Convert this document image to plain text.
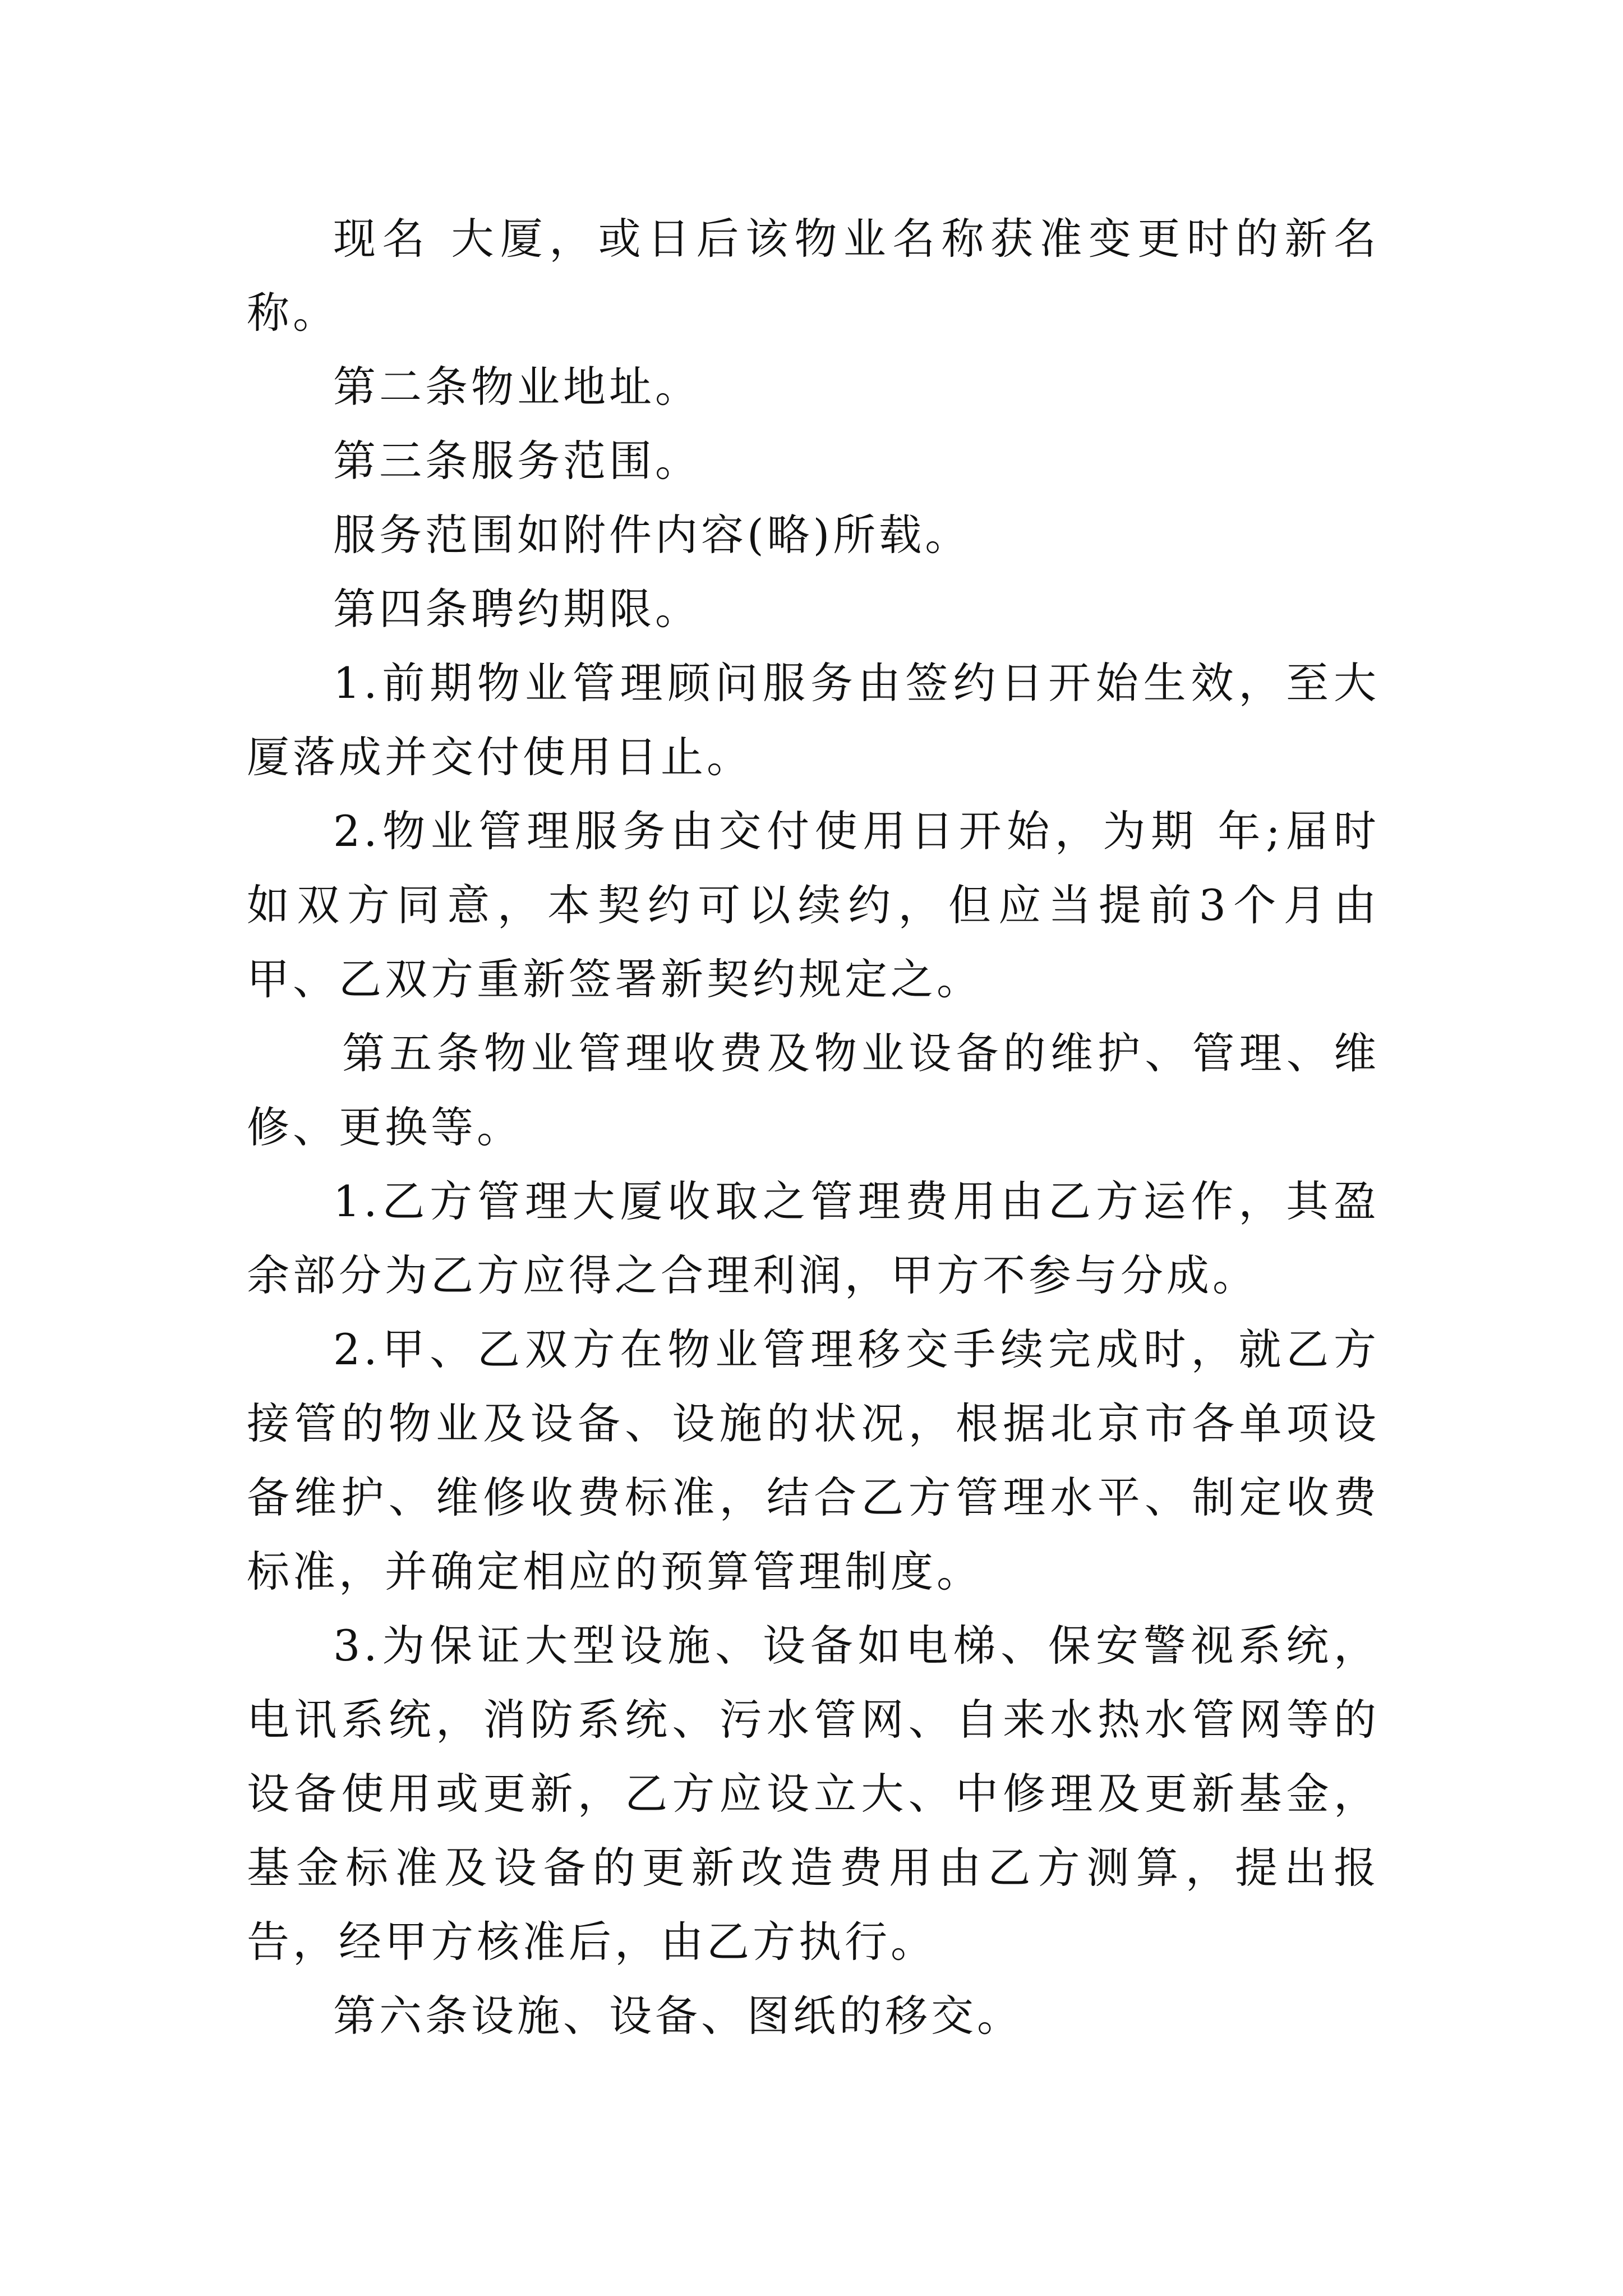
现名 大厦，或日后该物业名称获准变更时的新名称。

第二条物业地址。

第三条服务范围。

服务范围如附件内容(略)所载。

第四条聘约期限。

1.前期物业管理顾问服务由签约日开始生效，至大厦落成并交付使用日止。

2.物业管理服务由交付使用日开始，为期 年;届时如双方同意，本契约可以续约，但应当提前3个月由甲、乙双方重新签署新契约规定之。

第五条物业管理收费及物业设备的维护、管理、维修、更换等。

1.乙方管理大厦收取之管理费用由乙方运作，其盈余部分为乙方应得之合理利润，甲方不参与分成。

2.甲、乙双方在物业管理移交手续完成时，就乙方接管的物业及设备、设施的状况，根据北京市各单项设备维护、维修收费标准，结合乙方管理水平、制定收费标准，并确定相应的预算管理制度。

3.为保证大型设施、设备如电梯、保安警视系统，电讯系统，消防系统、污水管网、自来水热水管网等的设备使用或更新，乙方应设立大、中修理及更新基金，基金标准及设备的更新改造费用由乙方测算，提出报告，经甲方核准后，由乙方执行。

第六条设施、设备、图纸的移交。
